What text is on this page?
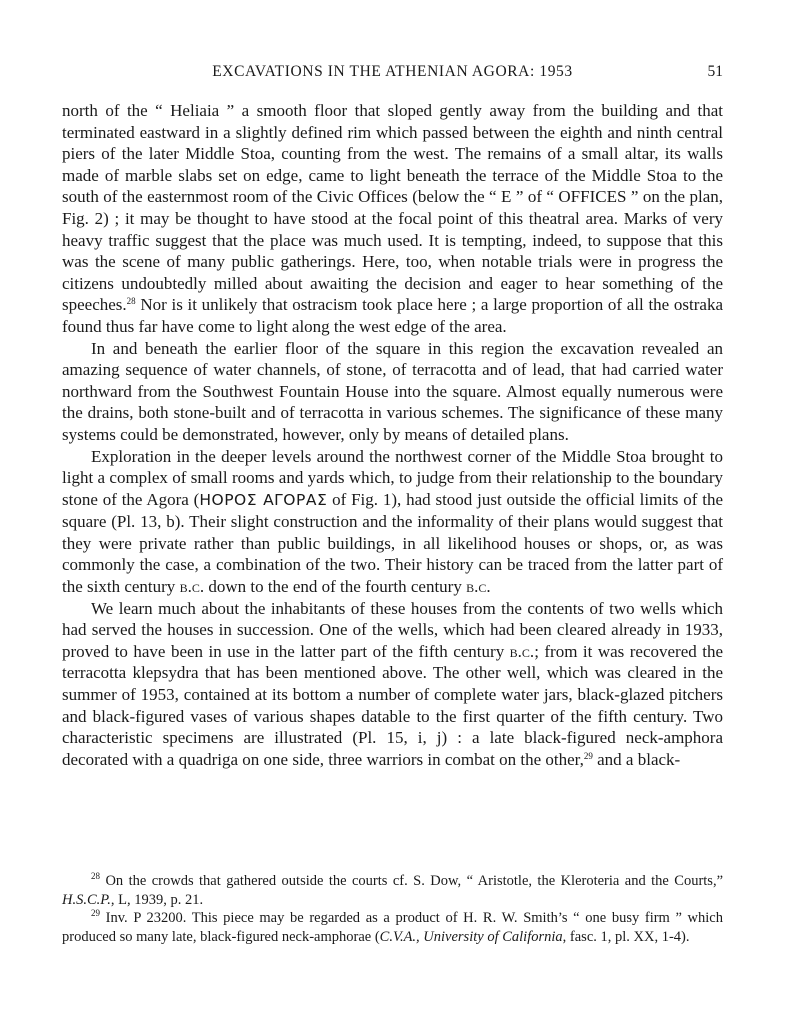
EXCAVATIONS IN THE ATHENIAN AGORA: 1953	51

north of the “ Heliaia ” a smooth floor that sloped gently away from the building and that terminated eastward in a slightly defined rim which passed between the eighth and ninth central piers of the later Middle Stoa, counting from the west. The remains of a small altar, its walls made of marble slabs set on edge, came to light beneath the terrace of the Middle Stoa to the south of the easternmost room of the Civic Offices (below the “ E ” of “ OFFICES ” on the plan, Fig. 2) ; it may be thought to have stood at the focal point of this theatral area. Marks of very heavy traffic suggest that the place was much used. It is tempting, indeed, to suppose that this was the scene of many public gatherings. Here, too, when notable trials were in progress the citizens undoubtedly milled about awaiting the decision and eager to hear something of the speeches.$^{28}$ Nor is it unlikely that ostracism took place here ; a large proportion of all the ostraka found thus far have come to light along the west edge of the area.

In and beneath the earlier floor of the square in this region the excavation revealed an amazing sequence of water channels, of stone, of terracotta and of lead, that had carried water northward from the Southwest Fountain House into the square. Almost equally numerous were the drains, both stone-built and of terracotta in various schemes. The significance of these many systems could be demonstrated, however, only by means of detailed plans.

Exploration in the deeper levels around the northwest corner of the Middle Stoa brought to light a complex of small rooms and yards which, to judge from their relationship to the boundary stone of the Agora (ΗΟΡΟΣ ΑΓΟΡΑΣ of Fig. 1), had stood just outside the official limits of the square (Pl. 13, b). Their slight construction and the informality of their plans would suggest that they were private rather than public buildings, in all likelihood houses or shops, or, as was commonly the case, a combination of the two. Their history can be traced from the latter part of the sixth century b.c. down to the end of the fourth century b.c.

We learn much about the inhabitants of these houses from the contents of two wells which had served the houses in succession. One of the wells, which had been cleared already in 1933, proved to have been in use in the latter part of the fifth century b.c.; from it was recovered the terracotta klepsydra that has been mentioned above. The other well, which was cleared in the summer of 1953, contained at its bottom a number of complete water jars, black-glazed pitchers and black-figured vases of various shapes datable to the first quarter of the fifth century. Two characteristic specimens are illustrated (Pl. 15, i, j) : a late black-figured neck-amphora decorated with a quadriga on one side, three warriors in combat on the other,$^{29}$ and a black-

$^{28}$ On the crowds that gathered outside the courts cf. S. Dow, “ Aristotle, the Kleroteria and the Courts,” H.S.C.P., L, 1939, p. 21.

$^{29}$ Inv. P 23200. This piece may be regarded as a product of H. R. W. Smith’s “ one busy firm ” which produced so many late, black-figured neck-amphorae (C.V.A., University of California, fasc. 1, pl. XX, 1-4).
